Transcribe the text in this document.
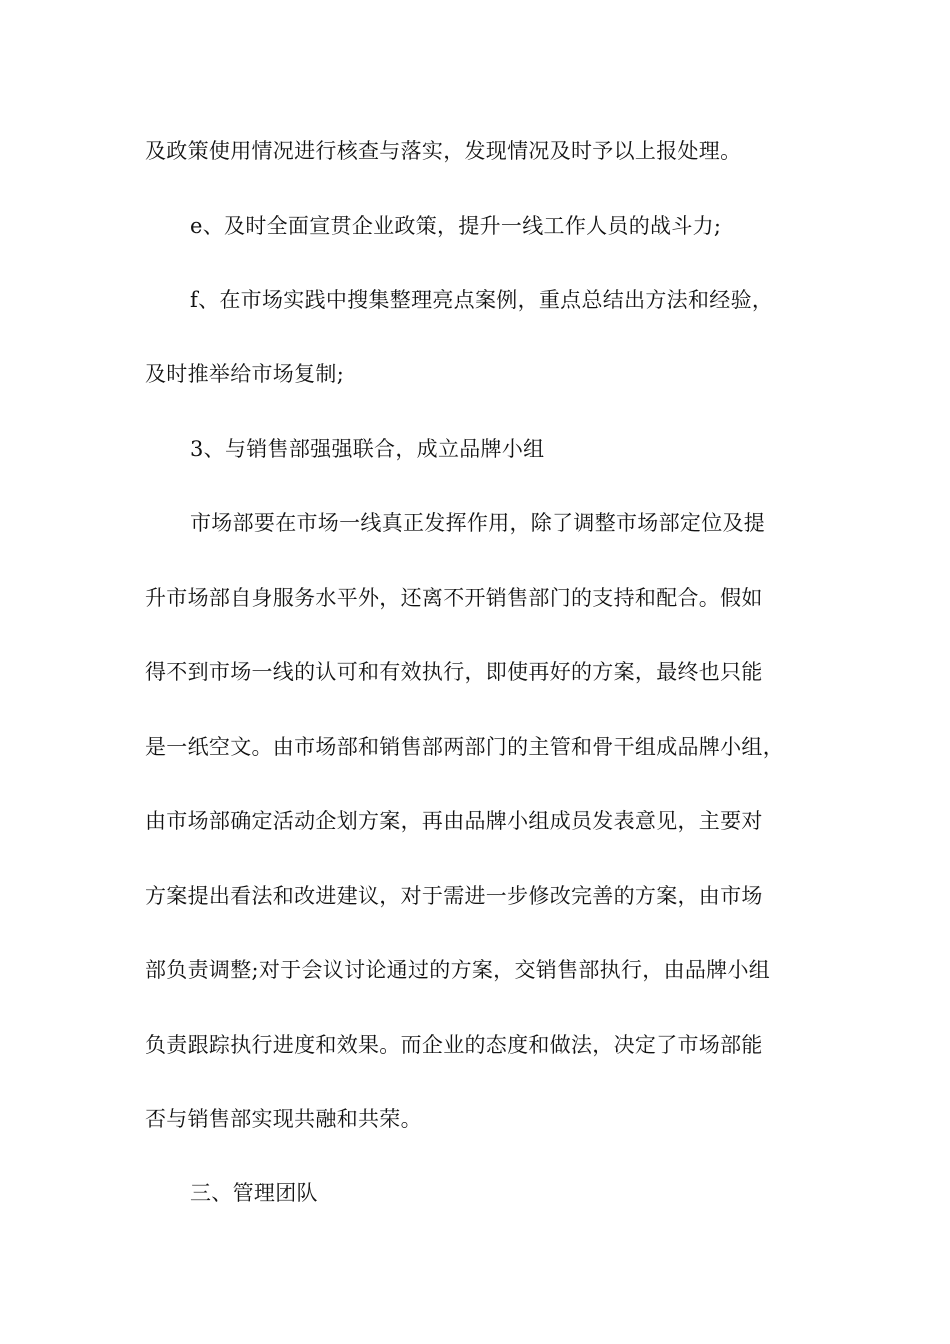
及政策使用情况进行核查与落实，发现情况及时予以上报处理。
e、及时全面宣贯企业政策，提升一线工作人员的战斗力;
f、在市场实践中搜集整理亮点案例，重点总结出方法和经验，
及时推举给市场复制;
3、与销售部强强联合，成立品牌小组
市场部要在市场一线真正发挥作用，除了调整市场部定位及提
升市场部自身服务水平外，还离不开销售部门的支持和配合。假如
得不到市场一线的认可和有效执行，即使再好的方案，最终也只能
是一纸空文。由市场部和销售部两部门的主管和骨干组成品牌小组，
由市场部确定活动企划方案，再由品牌小组成员发表意见，主要对
方案提出看法和改进建议，对于需进一步修改完善的方案，由市场
部负责调整;对于会议讨论通过的方案，交销售部执行，由品牌小组
负责跟踪执行进度和效果。而企业的态度和做法，决定了市场部能
否与销售部实现共融和共荣。
三、管理团队
